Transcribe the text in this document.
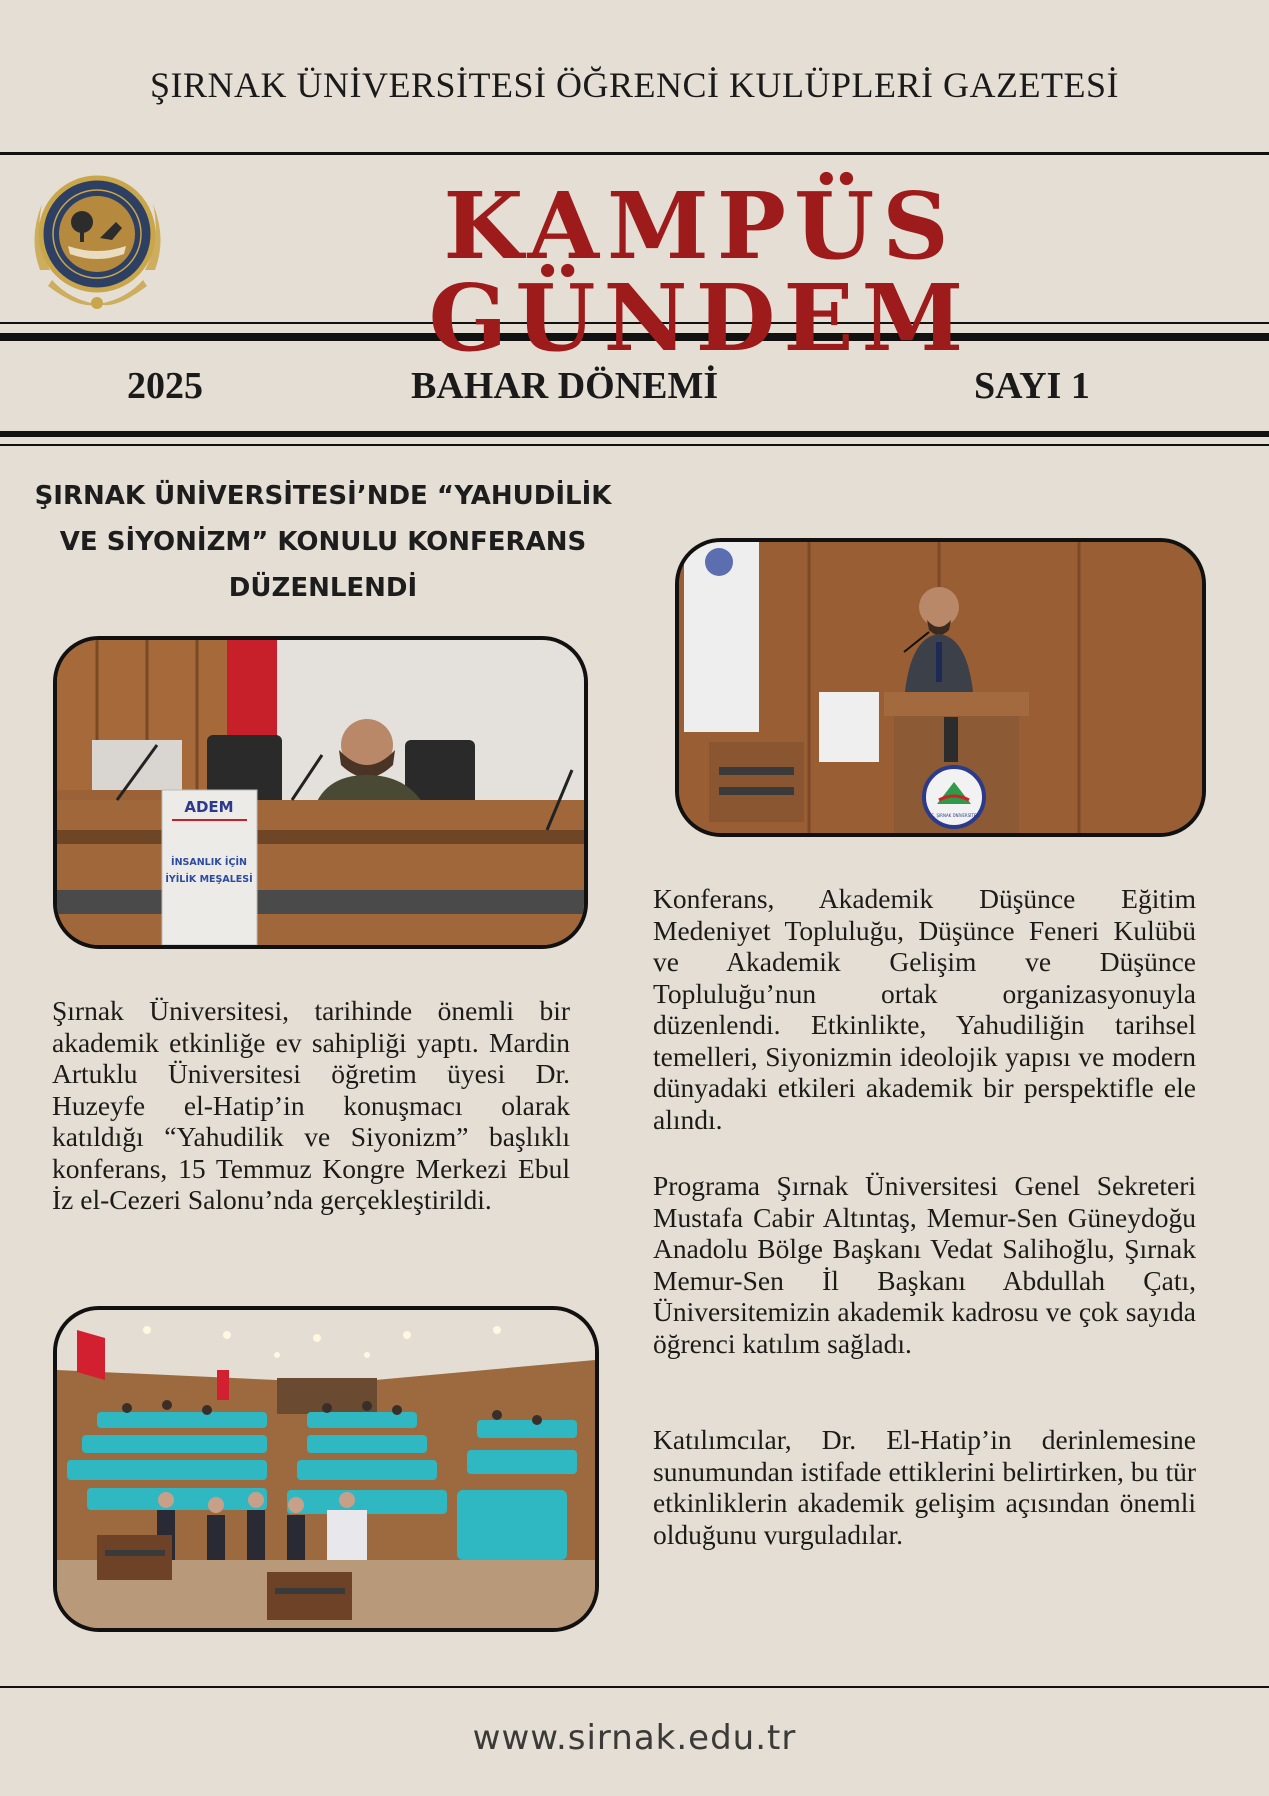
ŞIRNAK ÜNİVERSİTESİ ÖĞRENCİ KULÜPLERİ GAZETESİ
KAMPÜS GÜNDEM
2025	BAHAR DÖNEMİ	SAYI 1
ŞIRNAK ÜNİVERSİTESİ’NDE “YAHUDİLİK VE SİYONİZM” KONULU KONFERANS DÜZENLENDİ
ADEM
İNSANLIK İÇİN
İYİLİK MEŞALESİ
T.C. ŞIRNAK ÜNİVERSİTESİ

Şırnak Üniversitesi, tarihinde önemli bir akademik etkinliğe ev sahipliği yaptı. Mardin Artuklu Üniversitesi öğretim üyesi Dr. Huzeyfe el-Hatip’in konuşmacı olarak katıldığı “Yahudilik ve Siyonizm” başlıklı konferans, 15 Temmuz Kongre Merkezi Ebul İz el-Cezeri Salonu’nda gerçekleştirildi.

Konferans, Akademik Düşünce Eğitim Medeniyet Topluluğu, Düşünce Feneri Kulübü ve Akademik Gelişim ve Düşünce Topluluğu’nun ortak organizasyonuyla düzenlendi. Etkinlikte, Yahudiliğin tarihsel temelleri, Siyonizmin ideolojik yapısı ve modern dünyadaki etkileri akademik bir perspektifle ele alındı.

Programa Şırnak Üniversitesi Genel Sekreteri Mustafa Cabir Altıntaş, Memur-Sen Güneydoğu Anadolu Bölge Başkanı Vedat Salihoğlu, Şırnak Memur-Sen İl Başkanı Abdullah Çatı, Üniversitemizin akademik kadrosu ve çok sayıda öğrenci katılım sağladı.

Katılımcılar, Dr. El-Hatip’in derinlemesine sunumundan istifade ettiklerini belirtirken, bu tür etkinliklerin akademik gelişim açısından önemli olduğunu vurguladılar.

www.sirnak.edu.tr
